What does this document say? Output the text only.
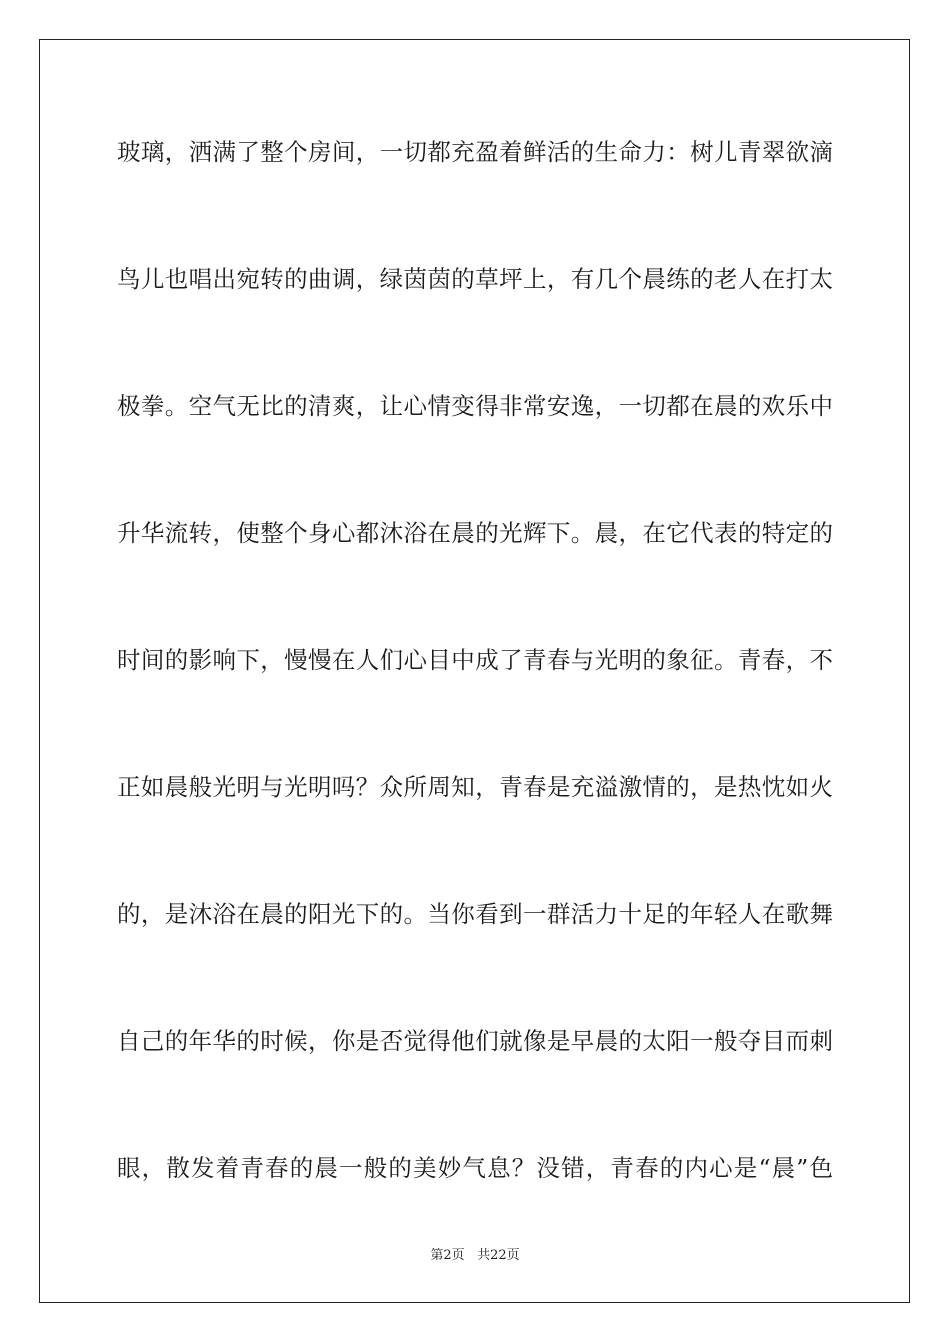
玻璃，洒满了整个房间，一切都充盈着鲜活的生命力：树儿青翠欲滴
鸟儿也唱出宛转的曲调，绿茵茵的草坪上，有几个晨练的老人在打太
极拳。空气无比的清爽，让心情变得非常安逸，一切都在晨的欢乐中
升华流转，使整个身心都沐浴在晨的光辉下。晨，在它代表的特定的
时间的影响下，慢慢在人们心目中成了青春与光明的象征。青春，不
正如晨般光明与光明吗？众所周知，青春是充溢激情的，是热忱如火
的，是沐浴在晨的阳光下的。当你看到一群活力十足的年轻人在歌舞
自己的年华的时候，你是否觉得他们就像是早晨的太阳一般夺目而刺
眼，散发着青春的晨一般的美妙气息？没错，青春的内心是“晨”色
第2页 共22页
